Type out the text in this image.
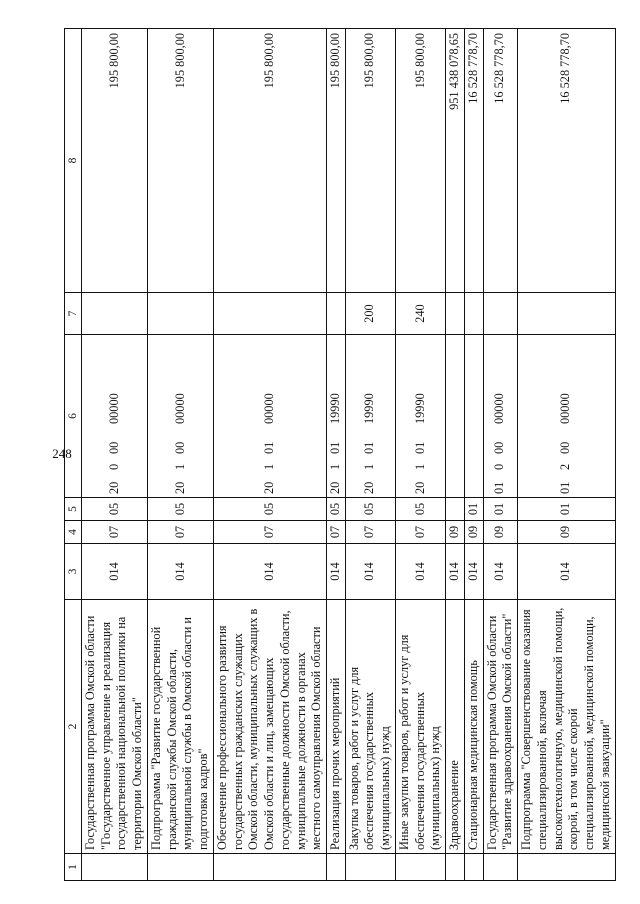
248
1	2	3	4	5	6	7	8
	Государственная программа Омской области "Государственное управление и реализация государственной национальной политики на территории Омской области"	014	07	05	2000000000		195 800,00
	Подпрограмма "Развитие государственной гражданской службы Омской области, муниципальной службы в Омской области и подготовка кадров"	014	07	05	2010000000		195 800,00
	Обеспечение профессионального развития государственных гражданских служащих Омской области, муниципальных служащих в Омской области и лиц, замещающих государственные должности Омской области, муниципальные должности в органах местного самоуправления Омской области	014	07	05	2010100000		195 800,00
	Реализация прочих мероприятий	014	07	05	2010119990		195 800,00
	Закупка товаров, работ и услуг для обеспечения государственных (муниципальных) нужд	014	07	05	2010119990	200	195 800,00
	Иные закупки товаров, работ и услуг для обеспечения государственных (муниципальных) нужд	014	07	05	2010119990	240	195 800,00
	Здравоохранение	014	09				951 438 078,65
	Стационарная медицинская помощь	014	09	01			16 528 778,70
	Государственная программа Омской области "Развитие здравоохранения Омской области"	014	09	01	0100000000		16 528 778,70
	Подпрограмма "Совершенствование оказания специализированной, включая высокотехнологичную, медицинской помощи, скорой, в том числе скорой специализированной, медицинской помощи, медицинской эвакуации"	014	09	01	0120000000		16 528 778,70
